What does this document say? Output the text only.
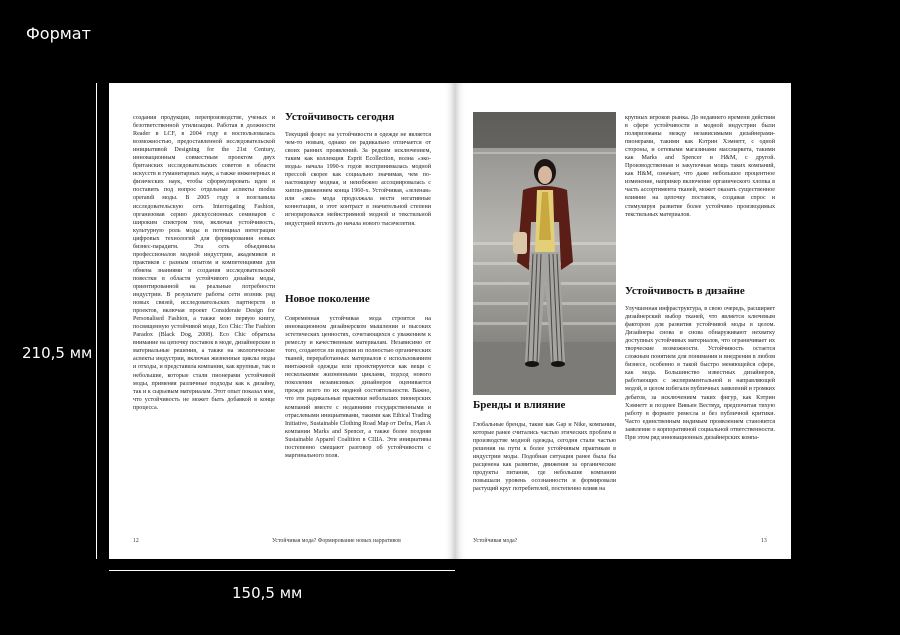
Формат
210,5 мм
150,5 мм

создания продукции, перепроизводстве, ученых и безответственной утилизации. Работая в должности Reader в LCF, в 2004 году я воспользовалась возможностью, предоставленной исследовательской инициативой Designing for the 21st Century, инновационным совместным проектом двух британских исследовательских советов в области искусств и гуманитарных наук, а также инженерных и физических наук, чтобы сформулировать идеи и поставить под вопрос отдельные аспекты modus operandi моды. В 2005 году я возглавила исследовательскую сеть Interrogating Fashion, организовав серию дискуссионных семинаров с широким спектром тем, включая устойчивость, культурную роль моды и потенциал интеграции цифровых технологий для формирования новых бизнес-парадигм. Эта сеть объединила профессионалов модной индустрии, академиков и практиков с разным опытом и компетенциями для обмена знаниями и создания исследовательской повестки в области устойчивого дизайна моды, ориентированной на реальные потребности индустрии. В результате работы сети возник ряд новых связей, исследовательских партнерств и проектов, включая проект Considerate Design for Personalised Fashion, а также мою первую книгу, посвященную устойчивой моде, Eco Chic: The Fashion Paradox (Black Dog, 2008). Eco Chic обратила внимание на цепочку поставок в моде, дизайнерские и материальные решения, а также на экологические аспекты индустрии, включая жизненные циклы моды и отходы, и представила компании, как крупные, так и небольшие, которые стали пионерами устойчивой моды, применяя различные подходы как к дизайну, так и к сырьевым материалам. Этот опыт показал мне, что устойчивость не может быть добавкой в конце процесса.

Устойчивость сегодня

Текущий фокус на устойчивости в одежде не является чем-то новым, однако он радикально отличается от своих ранних проявлений. За редким исключением, таким как коллекция Esprit Ecollection, волна «эко-моды» начала 1990-х годов воспринималась модной прессой скорее как социально значимая, чем по-настоящему модная, и неизбежно ассоциировалась с хиппи-движением конца 1960-х. Устойчивая, «зеленая» или «эко» мода продолжала нести негативные коннотации, и этот контраст в значительной степени игнорировался мейнстримной модной и текстильной индустрией вплоть до начала нового тысячелетия.

Новое поколение

Современная устойчивая мода строится на инновационном дизайнерском мышлении и высоких эстетических ценностях, сочетающихся с уважением к ремеслу и качественным материалам. Независимо от того, создаются ли изделия из полностью органических тканей, переработанных материалов с использованием винтажной одежды или проектируются как вещи с несколькими жизненными циклами, подход нового поколения независимых дизайнеров оценивается прежде всего по их модной состоятельности. Важно, что эти радикальные практики небольших пионерских компаний вместе с недавними государственными и отраслевыми инициативами, такими как Ethical Trading Initiative, Sustainable Clothing Road Map от Defra, Plan A компании Marks and Spencer, а также более поздняя Sustainable Apparel Coalition в США. Эти инициативы постепенно смещают разговор об устойчивости с маргинального поля.

12	Устойчивая мода? Формирование новых нарративов
Бренды и влияние

Глобальные бренды, такие как Gap и Nike, компании, которые ранее считались частью этических проблем в производстве модной одежды, сегодня стали частью решения на пути к более устойчивым практикам в индустрии моды. Подобная ситуация ранее была бы расценена как развитие, движения за органические продукты питания, где небольшие компании повышали уровень осознанности и формировали растущий круг потребителей, постепенно влияя на

крупных игроков рынка. До недавнего времени действия в сфере устойчивости в модной индустрии были поляризованы между независимыми дизайнерами-пионерами, такими как Кэтрин Хэмнетт, с одной стороны, и сетевыми магазинами массмаркета, такими как Marks and Spencer и H&M, с другой. Производственная и закупочная мощь таких компаний, как H&M, означает, что даже небольшое процентное изменение, например включение органического хлопка в часть ассортимента тканей, может оказать существенное влияние на цепочку поставок, создавая спрос и стимулируя развитие более устойчиво производимых текстильных материалов.

Устойчивость в дизайне

Улучшенная инфраструктура, в свою очередь, расширяет дизайнерский выбор тканей, что является ключевым фактором для развития устойчивой моды в целом. Дизайнеры снова и снова обнаруживают нехватку доступных устойчивых материалов, что ограничивает их творческие возможности. Устойчивость остается сложным понятием для понимания и внедрения в любом бизнесе, особенно в такой быстро меняющейся сфере, как мода. Большинство известных дизайнеров, работающих с экспериментальной и направляющей модой, в целом избегали публичных заявлений и громких дебатов, за исключением таких фигур, как Кэтрин Хэмнетт и позднее Вивьен Вествуд, предпочитая тихую работу в формате ремесла и без публичной критики. Часто единственным видимым проявлением становится заявление о корпоративной социальной ответственности. При этом ряд инновационных дизайнерских компа-

Устойчивая мода?	13
